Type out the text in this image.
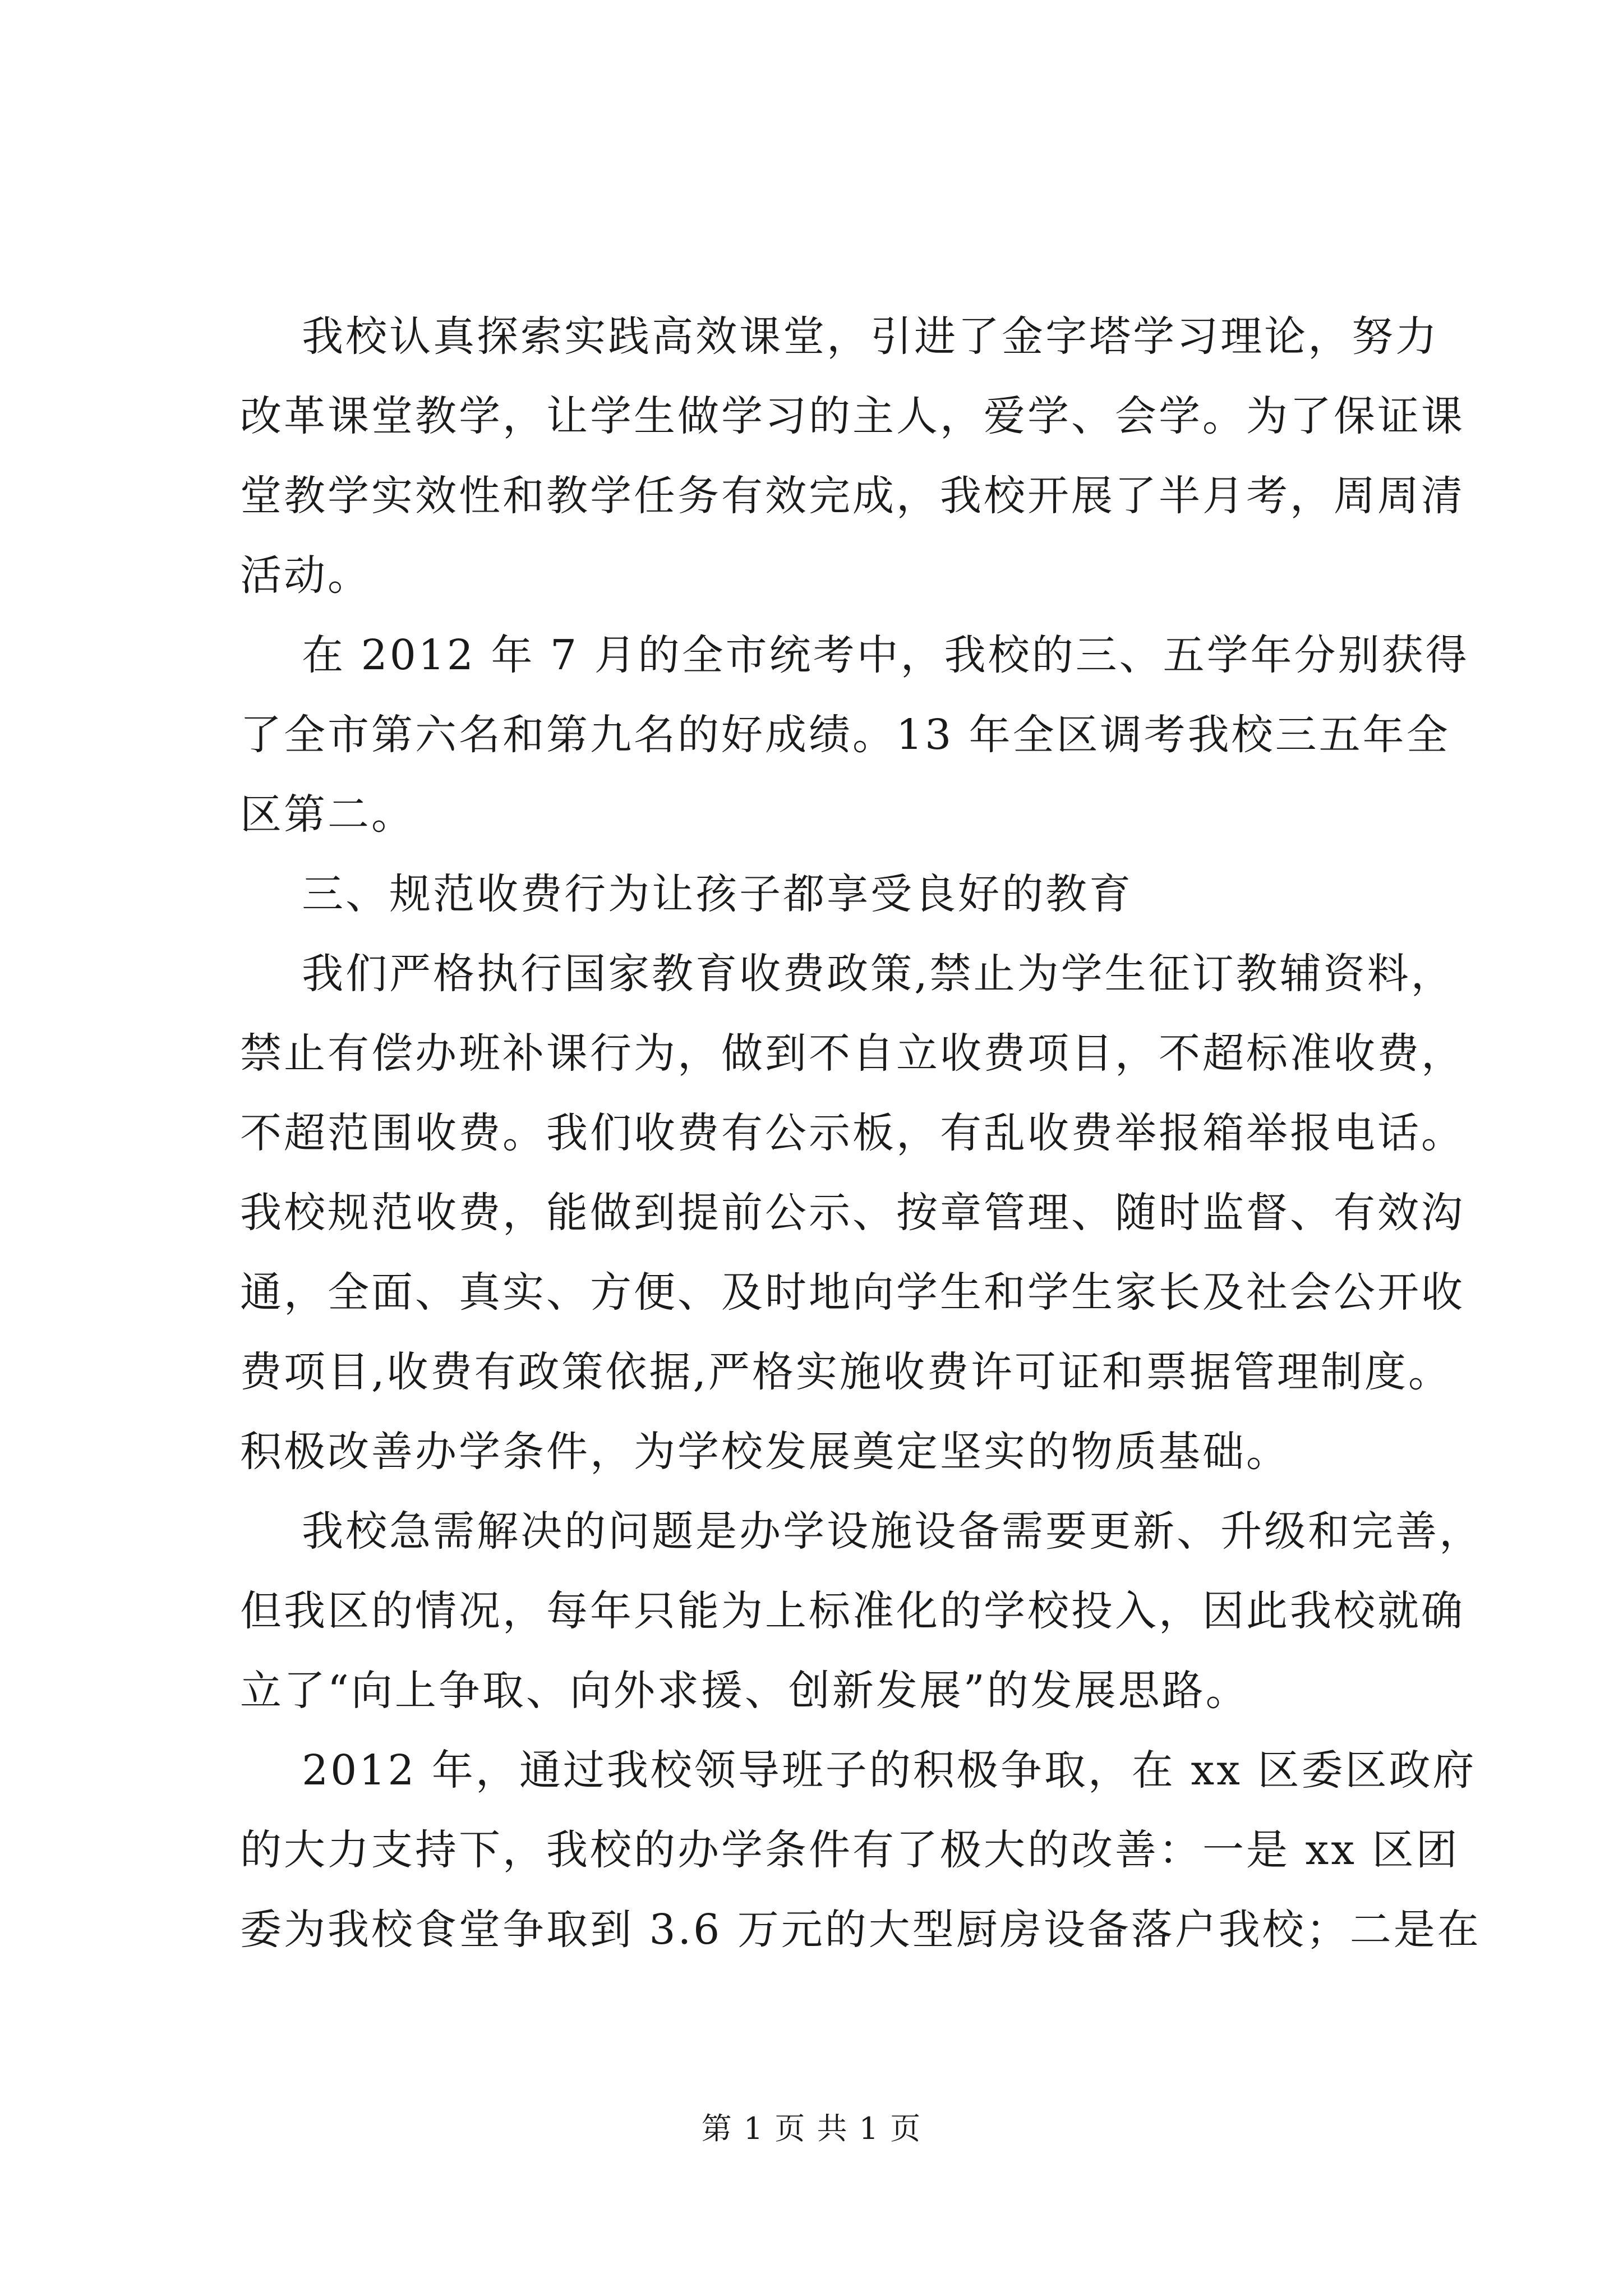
我校认真探索实践高效课堂，引进了金字塔学习理论，努力
改革课堂教学，让学生做学习的主人，爱学、会学。为了保证课
堂教学实效性和教学任务有效完成，我校开展了半月考，周周清
活动。
在 2012 年 7 月的全市统考中，我校的三、五学年分别获得
了全市第六名和第九名的好成绩。13 年全区调考我校三五年全
区第二。
三、规范收费行为让孩子都享受良好的教育
我们严格执行国家教育收费政策,禁止为学生征订教辅资料，
禁止有偿办班补课行为，做到不自立收费项目，不超标准收费，
不超范围收费。我们收费有公示板，有乱收费举报箱举报电话。
我校规范收费，能做到提前公示、按章管理、随时监督、有效沟
通，全面、真实、方便、及时地向学生和学生家长及社会公开收
费项目,收费有政策依据,严格实施收费许可证和票据管理制度。
积极改善办学条件，为学校发展奠定坚实的物质基础。
我校急需解决的问题是办学设施设备需要更新、升级和完善，
但我区的情况，每年只能为上标准化的学校投入，因此我校就确
立了“向上争取、向外求援、创新发展”的发展思路。
2012 年，通过我校领导班子的积极争取，在 xx 区委区政府
的大力支持下，我校的办学条件有了极大的改善：一是 xx 区团
委为我校食堂争取到 3.6 万元的大型厨房设备落户我校；二是在
第 1 页 共 1 页
